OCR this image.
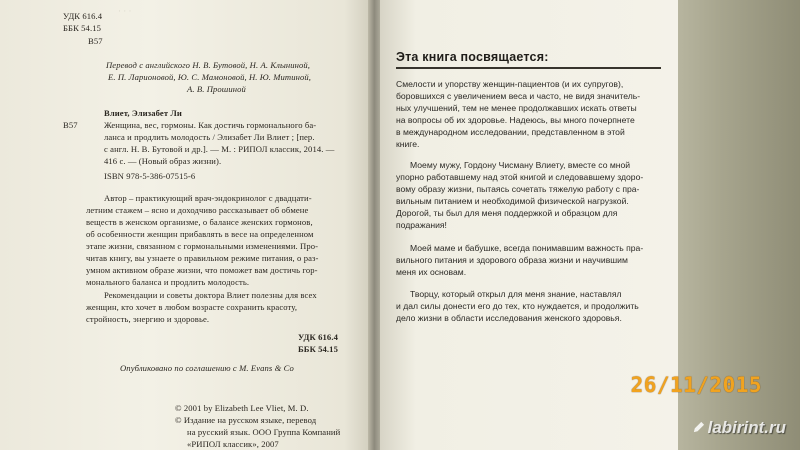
· · ·
УДК 616.4
ББК 54.15
В57
Перевод с английского Н. В. Бутовой, Н. А. Клыниной,
Е. П. Ларионовой, Ю. С. Мамоновой, Н. Ю. Митиной,
А. В. Прошиной
Влиет, Элизабет Ли
В57	Женщина, вес, гормоны. Как достичь гормонального ба-
ланса и продлить молодость / Элизабет Ли Влиет ; [пер.
с англ. Н. В. Бутовой и др.]. — М. : РИПОЛ классик, 2014. —
416 с. — (Новый образ жизни).
ISBN 978-5-386-07515-6
Автор – практикующий врач-эндокринолог с двадцати-
летним стажем – ясно и доходчиво рассказывает об обмене
веществ в женском организме, о балансе женских гормонов,
об особенности женщин прибавлять в весе на определенном
этапе жизни, связанном с гормональными изменениями. Про-
читав книгу, вы узнаете о правильном режиме питания, о раз-
умном активном образе жизни, что поможет вам достичь гор-
монального баланса и продлить молодость.
Рекомендации и советы доктора Влиет полезны для всех
женщин, кто хочет в любом возрасте сохранить красоту,
стройность, энергию и здоровье.
УДК 616.4
ББК 54.15
Опубликовано по соглашению с M. Evans & Co
© 2001 by Elizabeth Lee Vliet, M. D.
© Издание на русском языке, перевод
на русский язык. ООО Группа Компаний
«РИПОЛ классик», 2007
Эта книга посвящается:
Смелости и упорству женщин-пациентов (и их супругов),
боровшихся с увеличением веса и часто, не видя значитель-
ных улучшений, тем не менее продолжавших искать ответы
на вопросы об их здоровье. Надеюсь, вы много почерпнете
в международном исследовании, представленном в этой
книге.
Моему мужу, Гордону Чисману Влиету, вместе со мной
упорно работавшему над этой книгой и следовавшему здоро-
вому образу жизни, пытаясь сочетать тяжелую работу с пра-
вильным питанием и необходимой физической нагрузкой.
Дорогой, ты был для меня поддержкой и образцом для
подражания!
Моей маме и бабушке, всегда понимавшим важность пра-
вильного питания и здорового образа жизни и научившим
меня их основам.
Творцу, который открыл для меня знание, наставлял
и дал силы донести его до тех, кто нуждается, и продолжить
дело жизни в области исследования женского здоровья.
26/11/2015
labirint.ru
